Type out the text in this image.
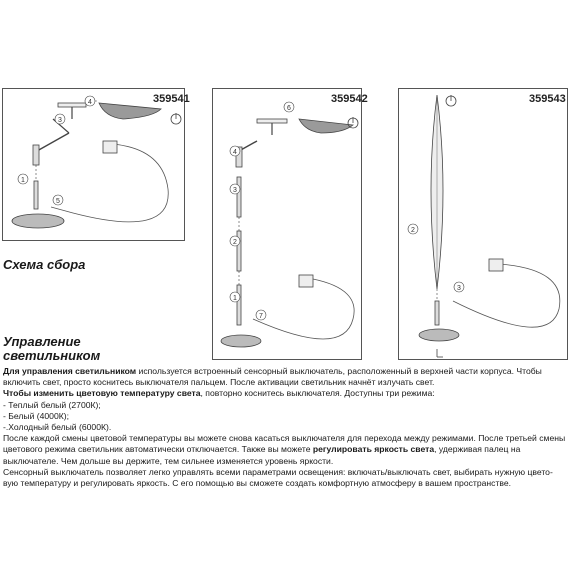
359541
4
3
1
5
359542
6
4
3
2
1
7
359543
2
3
Схема сбора
Управление
светильником

Для управления светильником используется встроенный сенсорный выключатель, расположенный в верхней части корпуса. Чтобы включить свет, просто коснитесь выключателя пальцем. После активации светильник начнёт излучать свет.

Чтобы изменить цветовую температуру света, повторно коснитесь выключателя. Доступны три режима:

- Теплый белый (2700К);

- Белый (4000К);

-.Холодный белый (6000К).

После каждой смены цветовой температуры вы можете снова касаться выключателя для перехода между режимами. После третьей смены цветового режима светильник автоматически отключается. Также вы можете регулировать яркость света, удерживая палец на выключателе. Чем дольше вы держите, тем сильнее изменяется уровень яркости.

Сенсорный выключатель позволяет легко управлять всеми параметрами освещения: включать/выключать свет, выбирать нужную цвето-вую температуру и регулировать яркость. С его помощью вы сможете создать комфортную атмосферу в вашем пространстве.
